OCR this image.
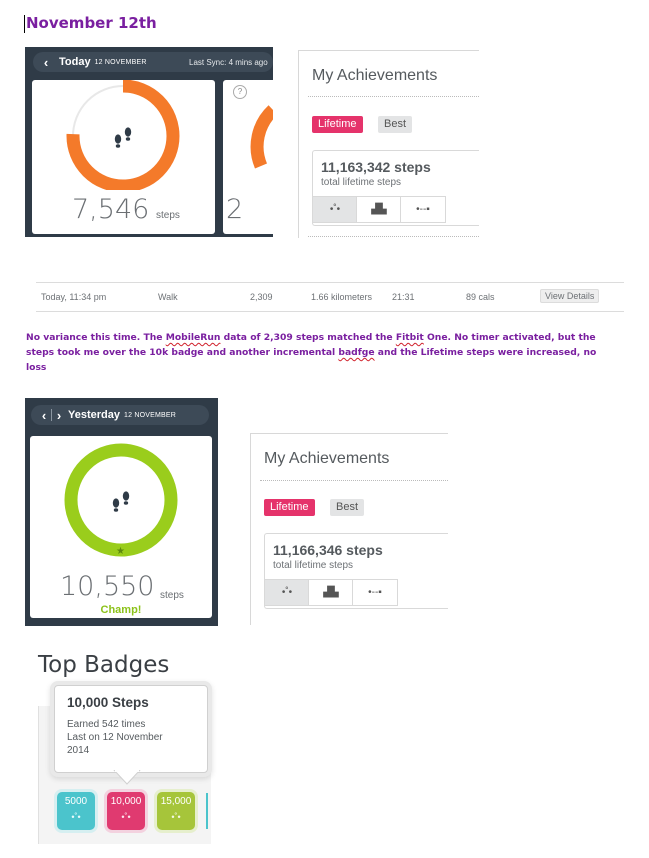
November 12th
‹ Today 12 NOVEMBER	Last Sync: 4 mins ago
7,546 steps
?
2
My Achievements
Lifetime	Best
11,163,342 steps
total lifetime steps
•˚•	▟▙	•--▪
Today, 11:34 pm	Walk	2,309	1.66 kilometers 21:31	89 cals	View Details
No variance this time. The MobileRun data of 2,309 steps matched the Fitbit One. No timer activated, but the steps took me over the 10k badge and another incremental badfge and the Lifetime steps were increased, no loss
‹ › Yesterday 12 NOVEMBER
★
10,550 steps
Champ!
My Achievements
Lifetime	Best
11,166,346 steps
total lifetime steps
•˚•	▟▙	•--▪
Top Badges
10,000 Steps
Earned 542 times
Last on 12 November
2014
5000
•˚•
10,000
•˚•
15,000
•˚•
